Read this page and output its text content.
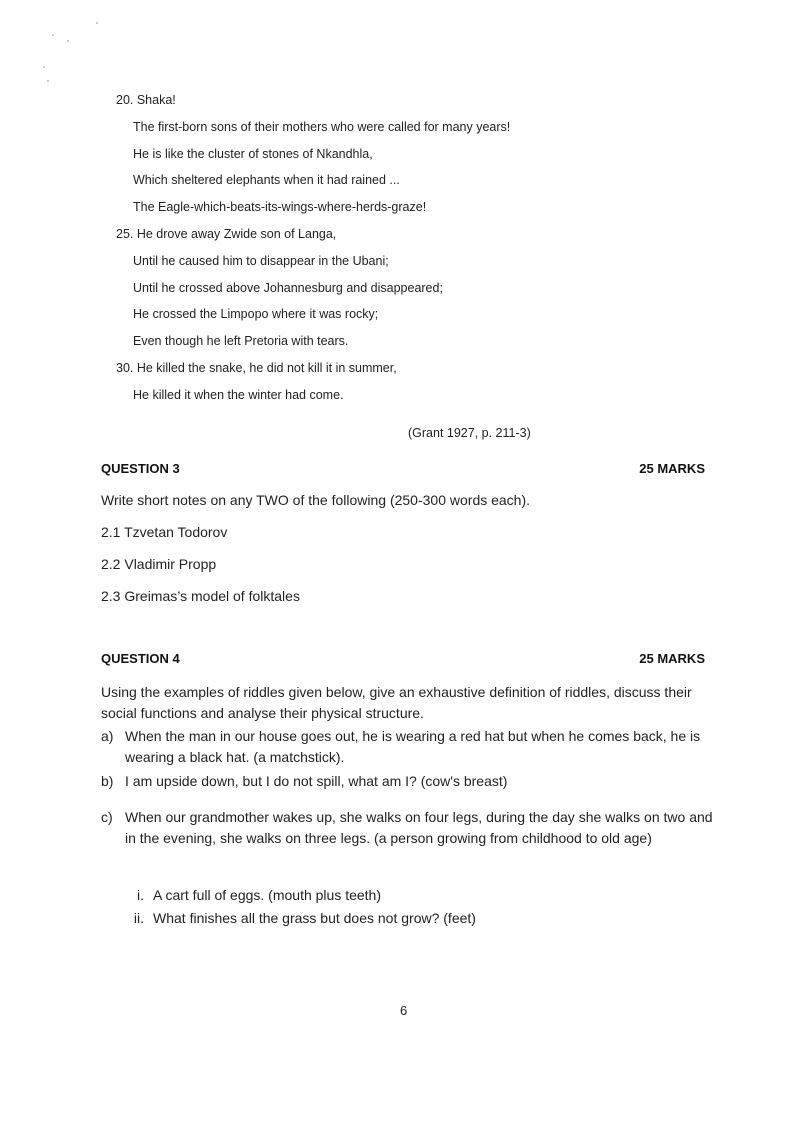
20. Shaka!
The first-born sons of their mothers who were called for many years!
He is like the cluster of stones of Nkandhla,
Which sheltered elephants when it had rained ...
The Eagle-which-beats-its-wings-where-herds-graze!
25. He drove away Zwide son of Langa,
Until he caused him to disappear in the Ubani;
Until he crossed above Johannesburg and disappeared;
He crossed the Limpopo where it was rocky;
Even though he left Pretoria with tears.
30. He killed the snake, he did not kill it in summer,
He killed it when the winter had come.
(Grant 1927, p. 211-3)
QUESTION 3	25 MARKS
Write short notes on any TWO of the following (250-300 words each).
2.1 Tzvetan Todorov
2.2 Vladimir Propp
2.3 Greimas’s model of folktales
QUESTION 4	25 MARKS
Using the examples of riddles given below, give an exhaustive definition of riddles, discuss their social functions and analyse their physical structure.
a) When the man in our house goes out, he is wearing a red hat but when he comes back, he is wearing a black hat. (a matchstick).
b) I am upside down, but I do not spill, what am I? (cow's breast)
c) When our grandmother wakes up, she walks on four legs, during the day she walks on two and in the evening, she walks on three legs. (a person growing from childhood to old age)
i. A cart full of eggs. (mouth plus teeth)
ii. What finishes all the grass but does not grow? (feet)
6
